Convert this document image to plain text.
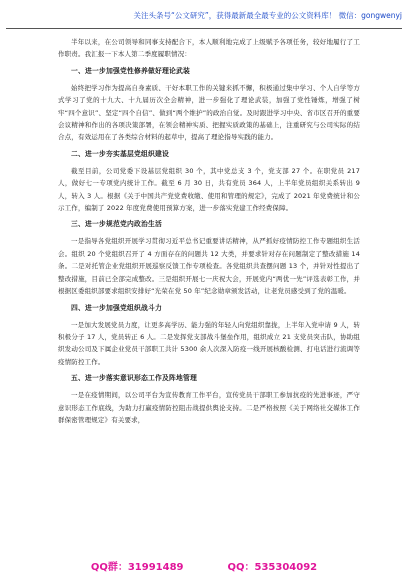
关注头条号“公文研究”，获得最新最全最专业的公文资料库！ 微信：gongwenyj

半年以来，在公司领导和同事支持配合下，本人顺利地完成了上级赋予各项任务，较好地履行了工作职责。我汇报一下本人第二季度履职情况：

一、进一步加强党性修养做好理论武装

始终把学习作为提高自身素质、干好本职工作的关键来抓不懈，积极通过集中学习、个人自学等方式学习了党的十九大、十九届历次全会精神，进一步强化了理论武装，加强了党性锤炼，增强了树牢“四个意识”、坚定“四个自信”、做到“两个维护”的政治自觉。及时跟进学习中央、省市区召开的重要会议精神和作出的各项决策部署，在领会精神实质、把握实质政策的基础上，注重研究与公司实际的结合点，有效运用在了各类综合材料的起草中，提高了理论指导实践的能力。

二、进一步夯实基层党组织建设

截至目前，公司党委下设基层党组织 30 个，其中党总支 3 个，党支部 27 个。在职党员 217 人，做好七一专项党内统计工作。截至 6 月 30 日，共有党员 364 人，上半年党员组织关系转出 9 人，转入 3 人。根据《关于中国共产党党费收缴、使用和管理的规定》，完成了 2021 年党费统计和公示工作，编制了 2022 年度党费使用预算方案，进一步落实党建工作经费保障。

三、进一步规范党内政治生活

一是指导各党组织开展学习贯彻习近平总书记重要讲话精神，从严抓好疫情防控工作专题组织生活会。组织 20 个党组织召开了 4 方面存在的问题共 12 大类，并要求针对存在问题制定了整改措施 14 条。二是对托管企业党组织开展巡察反馈工作专项检查。各党组织共查摆问题 13 个，并针对性提出了整改措施，目前已全部完成整改。三是组织开展七一庆祝大会，开展党内“两优一先”评选表彰工作，并根据区委组织部要求组织安排好“光荣在党 50 年”纪念勋章颁发活动，让老党员感受到了党的温暖。

四、进一步加强党组织战斗力

一是加大发展党员力度，让更多高学历、能力强的年轻人向党组织靠拢，上半年入党申请 9 人，转积极分子 17 人，党员转正 6 人。二是发挥党支部战斗堡垒作用，组织成立 21 支党员突击队，协助组织发动公司及下属企业党员干部职工共计 5300 余人次深入防疫一线开展核酸检测、打电话进行流调等疫情防控工作。

五、进一步落实意识形态工作及阵地管理

一是在疫情期间，以公司平台为宣传教育工作平台，宣传党员干部职工参加抗疫的先进事迹，严守意识形态工作底线，为助力打赢疫情防控阻击战提供舆论支持。二是严格按照《关于网络社交媒体工作群保密管理规定》有关要求，

QQ群：31991489	QQ：535304092
